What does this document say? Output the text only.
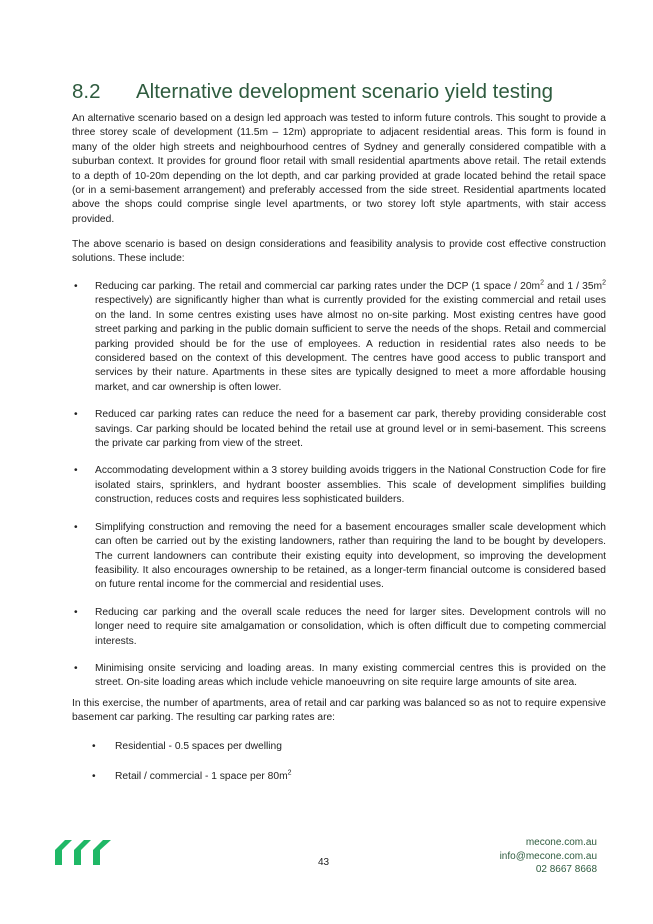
8.2 Alternative development scenario yield testing

An alternative scenario based on a design led approach was tested to inform future controls. This sought to provide a three storey scale of development (11.5m – 12m) appropriate to adjacent residential areas. This form is found in many of the older high streets and neighbourhood centres of Sydney and generally considered compatible with a suburban context. It provides for ground floor retail with small residential apartments above retail. The retail extends to a depth of 10-20m depending on the lot depth, and car parking provided at grade located behind the retail space (or in a semi-basement arrangement) and preferably accessed from the side street. Residential apartments located above the shops could comprise single level apartments, or two storey loft style apartments, with stair access provided.

The above scenario is based on design considerations and feasibility analysis to provide cost effective construction solutions. These include:

• Reducing car parking. The retail and commercial car parking rates under the DCP (1 space / $20m^2$ and $1 / 35m^2$ respectively) are significantly higher than what is currently provided for the existing commercial and retail uses on the land. In some centres existing uses have almost no on-site parking. Most existing centres have good street parking and parking in the public domain sufficient to serve the needs of the shops. Retail and commercial parking provided should be for the use of employees. A reduction in residential rates also needs to be considered based on the context of this development. The centres have good access to public transport and services by their nature. Apartments in these sites are typically designed to meet a more affordable housing market, and car ownership is often lower.
• Reduced car parking rates can reduce the need for a basement car park, thereby providing considerable cost savings. Car parking should be located behind the retail use at ground level or in semi-basement. This screens the private car parking from view of the street.
• Accommodating development within a 3 storey building avoids triggers in the National Construction Code for fire isolated stairs, sprinklers, and hydrant booster assemblies. This scale of development simplifies building construction, reduces costs and requires less sophisticated builders.
• Simplifying construction and removing the need for a basement encourages smaller scale development which can often be carried out by the existing landowners, rather than requiring the land to be bought by developers. The current landowners can contribute their existing equity into development, so improving the development feasibility. It also encourages ownership to be retained, as a longer-term financial outcome is considered based on future rental income for the commercial and residential uses.
• Reducing car parking and the overall scale reduces the need for larger sites. Development controls will no longer need to require site amalgamation or consolidation, which is often difficult due to competing commercial interests.
• Minimising onsite servicing and loading areas. In many existing commercial centres this is provided on the street. On-site loading areas which include vehicle manoeuvring on site require large amounts of site area.

In this exercise, the number of apartments, area of retail and car parking was balanced so as not to require expensive basement car parking. The resulting car parking rates are:

• Residential - 0.5 spaces per dwelling
• Retail / commercial - 1 space per $80m^2$
43
mecone.com.au
info@mecone.com.au
02 8667 8668
